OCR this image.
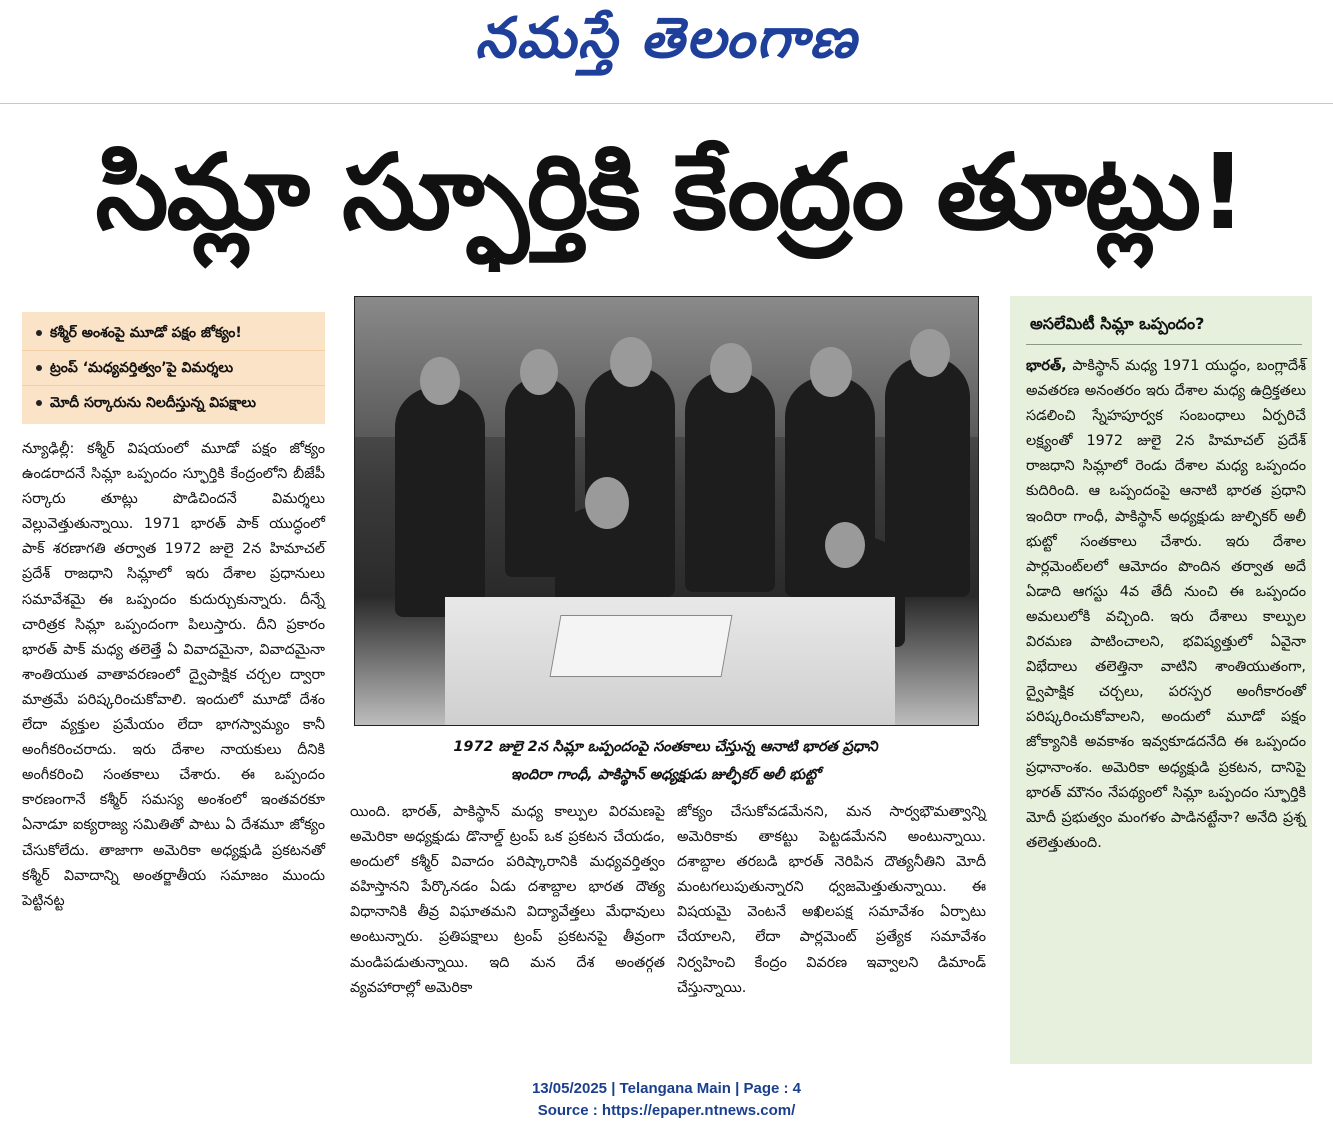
నమస్తే తెలంగాణ
సిమ్లా స్ఫూర్తికి కేంద్రం తూట్లు!
కశ్మీర్‌ అంశంపై మూడో పక్షం జోక్యం!
ట్రంప్‌ ‘మధ్యవర్తిత్వం’పై విమర్శలు
మోదీ సర్కారును నిలదీస్తున్న విపక్షాలు
న్యూఢిల్లీ: కశ్మీర్‌ విషయంలో మూడో పక్షం జోక్యం ఉండరాదనే సిమ్లా ఒప్పందం స్ఫూర్తికి కేంద్రంలోని బీజేపీ సర్కారు తూట్లు పొడిచిందనే విమర్శలు వెల్లువెత్తుతున్నాయి. 1971 భారత్‌ పాక్‌ యుద్ధంలో పాక్‌ శరణాగతి తర్వాత 1972 జులై 2న హిమాచల్‌ ప్రదేశ్‌ రాజధాని సిమ్లాలో ఇరు దేశాల ప్రధానులు సమావేశమై ఈ ఒప్పందం కుదుర్చుకున్నారు. దీన్నే చారిత్రక సిమ్లా ఒప్పందంగా పిలుస్తారు. దీని ప్రకారం భారత్‌ పాక్‌ మధ్య తలెత్తే ఏ వివాదమైనా, వివాదమైనా శాంతియుత వాతావరణంలో ద్వైపాక్షిక చర్చల ద్వారా మాత్రమే పరిష్కరించుకోవాలి. ఇందులో మూడో దేశం లేదా వ్యక్తుల ప్రమేయం లేదా భాగస్వామ్యం కానీ అంగీకరించరాదు. ఇరు దేశాల నాయకులు దీనికి అంగీకరించి సంతకాలు చేశారు. ఈ ఒప్పందం కారణంగానే కశ్మీర్‌ సమస్య అంశంలో ఇంతవరకూ ఏనాడూ ఐక్యరాజ్య సమితితో పాటు ఏ దేశమూ జోక్యం చేసుకోలేదు. తాజాగా అమెరికా అధ్యక్షుడి ప్రకటనతో కశ్మీర్‌ వివాదాన్ని అంతర్జాతీయ సమాజం ముందు పెట్టినట్ట
1972 జులై 2న సిమ్లా ఒప్పందంపై సంతకాలు చేస్తున్న ఆనాటి భారత ప్రధాని
ఇందిరా గాంధీ, పాకిస్థాన్‌ అధ్యక్షుడు జుల్ఫీకర్‌ అలీ భుట్టో
యింది. భారత్‌, పాకిస్థాన్‌ మధ్య కాల్పుల విరమణపై అమెరికా అధ్యక్షుడు డొనాల్డ్‌ ట్రంప్‌ ఒక ప్రకటన చేయడం, అందులో కశ్మీర్‌ వివాదం పరిష్కారానికి మధ్యవర్తిత్వం వహిస్తానని పేర్కొనడం ఏడు దశాబ్దాల భారత దౌత్య విధానానికి తీవ్ర విఘాతమని విద్యావేత్తలు మేధావులు అంటున్నారు. ప్రతిపక్షాలు ట్రంప్‌ ప్రకటనపై తీవ్రంగా మండిపడుతున్నాయి. ఇది మన దేశ అంతర్గత వ్యవహారాల్లో అమెరికా
జోక్యం చేసుకోవడమేనని, మన సార్వభౌమత్వాన్ని అమెరికాకు తాకట్టు పెట్టడమేనని అంటున్నాయి. దశాబ్దాల తరబడి భారత్‌ నెరిపిన దౌత్యనీతిని మోదీ మంటగలుపుతున్నారని ధ్వజమెత్తుతున్నాయి. ఈ విషయమై వెంటనే అఖిలపక్ష సమావేశం ఏర్పాటు చేయాలని, లేదా పార్లమెంట్‌ ప్రత్యేక సమావేశం నిర్వహించి కేంద్రం వివరణ ఇవ్వాలని డిమాండ్‌ చేస్తున్నాయి.
అసలేమిటీ సిమ్లా ఒప్పందం?
భారత్‌, పాకిస్థాన్‌ మధ్య 1971 యుద్ధం, బంగ్లాదేశ్‌ అవతరణ అనంతరం ఇరు దేశాల మధ్య ఉద్రిక్తతలు సడలించి స్నేహపూర్వక సంబంధాలు ఏర్పరిచే లక్ష్యంతో 1972 జులై 2న హిమాచల్‌ ప్రదేశ్‌ రాజధాని సిమ్లాలో రెండు దేశాల మధ్య ఒప్పందం కుదిరింది. ఆ ఒప్పందంపై ఆనాటి భారత ప్రధాని ఇందిరా గాంధీ, పాకిస్థాన్‌ అధ్యక్షుడు జుల్ఫికర్‌ అలీ భుట్టో సంతకాలు చేశారు. ఇరు దేశాల పార్లమెంట్‌లలో ఆమోదం పొందిన తర్వాత అదే ఏడాది ఆగస్టు 4వ తేదీ నుంచి ఈ ఒప్పందం అమలులోకి వచ్చింది. ఇరు దేశాలు కాల్పుల విరమణ పాటించాలని, భవిష్యత్తులో ఏవైనా విభేదాలు తలెత్తినా వాటిని శాంతియుతంగా, ద్వైపాక్షిక చర్చలు, పరస్పర అంగీకారంతో పరిష్కరించుకోవాలని, అందులో మూడో పక్షం జోక్యానికి అవకాశం ఇవ్వకూడదనేది ఈ ఒప్పందం ప్రధానాంశం. అమెరికా అధ్యక్షుడి ప్రకటన, దానిపై భారత్‌ మౌనం నేపథ్యంలో సిమ్లా ఒప్పందం స్ఫూర్తికి మోదీ ప్రభుత్వం మంగళం పాడినట్టేనా? అనేది ప్రశ్న తలెత్తుతుంది.
13/05/2025 | Telangana Main | Page : 4
Source : https://epaper.ntnews.com/
